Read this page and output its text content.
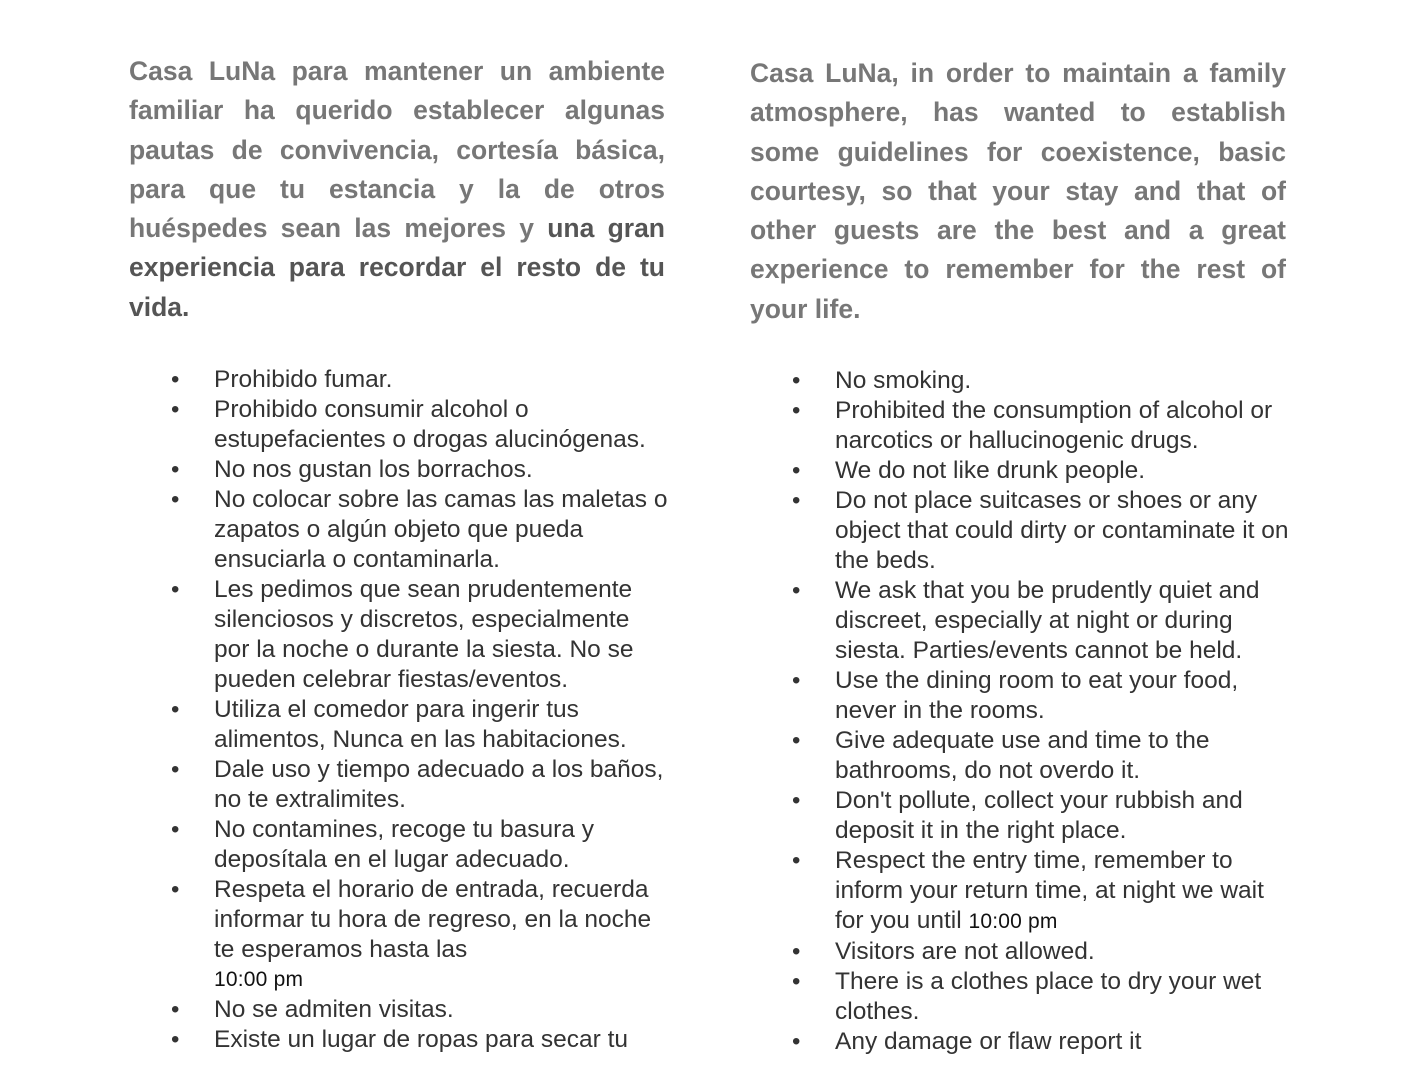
Casa LuNa para mantener un ambiente familiar ha querido establecer algunas pautas de convivencia, cortesía básica, para que tu estancia y la de otros huéspedes sean las mejores y una gran experiencia para recordar el resto de tu vida.

• Prohibido fumar.
• Prohibido consumir alcohol o estupefacientes o drogas alucinógenas.
• No nos gustan los borrachos.
• No colocar sobre las camas las maletas o zapatos o algún objeto que pueda ensuciarla o contaminarla.
• Les pedimos que sean prudentemente silenciosos y discretos, especialmente por la noche o durante la siesta. No se pueden celebrar fiestas/eventos.
• Utiliza el comedor para ingerir tus alimentos, Nunca en las habitaciones.
• Dale uso y tiempo adecuado a los baños, no te extralimites.
• No contamines, recoge tu basura y deposítala en el lugar adecuado.
• Respeta el horario de entrada, recuerda informar tu hora de regreso, en la noche te esperamos hasta las
10:00 pm
• No se admiten visitas.
• Existe un lugar de ropas para secar tu

Casa LuNa, in order to maintain a family atmosphere, has wanted to establish some guidelines for coexistence, basic courtesy, so that your stay and that of other guests are the best and a great experience to remember for the rest of your life.

• No smoking.
• Prohibited the consumption of alcohol or narcotics or hallucinogenic drugs.
• We do not like drunk people.
• Do not place suitcases or shoes or any object that could dirty or contaminate it on the beds.
• We ask that you be prudently quiet and discreet, especially at night or during siesta. Parties/events cannot be held.
• Use the dining room to eat your food, never in the rooms.
• Give adequate use and time to the bathrooms, do not overdo it.
• Don't pollute, collect your rubbish and deposit it in the right place.
• Respect the entry time, remember to inform your return time, at night we wait for you until 10:00 pm
• Visitors are not allowed.
• There is a clothes place to dry your wet clothes.
• Any damage or flaw report it
